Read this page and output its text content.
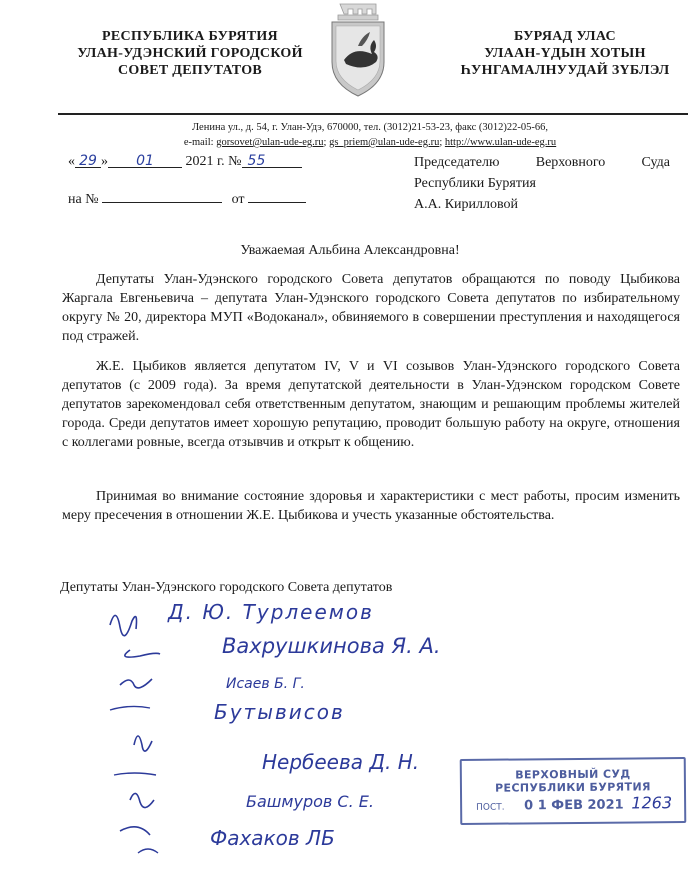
РЕСПУБЛИКА БУРЯТИЯ
УЛАН-УДЭНСКИЙ ГОРОДСКОЙ
СОВЕТ ДЕПУТАТОВ
БУРЯАД УЛАС
УЛААН-ҮДЫН ХОТЫН
ҺУНГАМАЛНУУДАЙ ЗҮБЛЭЛ
Ленина ул., д. 54, г. Улан-Удэ, 670000, тел. (3012)21-53-23, факс (3012)22-05-66,
e-mail: gorsovet@ulan-ude-eg.ru; gs_priem@ulan-ude-eg.ru; http://www.ulan-ude-eg.ru
« 29 » 01 2021 г. № 55
на №	от
Председателю Верховного Суда
Республики Бурятия
А.А. Кирилловой
Уважаемая Альбина Александровна!
Депутаты Улан-Удэнского городского Совета депутатов обращаются по поводу Цыбикова Жаргала Евгеньевича – депутата Улан-Удэнского городского Совета депутатов по избирательному округу № 20, директора МУП «Водоканал», обвиняемого в совершении преступления и находящегося под стражей.
Ж.Е. Цыбиков является депутатом IV, V и VI созывов Улан-Удэнского городского Совета депутатов (с 2009 года). За время депутатской деятельности в Улан-Удэнском городском Совете депутатов зарекомендовал себя ответственным депутатом, знающим и решающим проблемы жителей города. Среди депутатов имеет хорошую репутацию, проводит большую работу на округе, отношения с коллегами ровные, всегда отзывчив и открыт к общению.
Принимая во внимание состояние здоровья и характеристики с мест работы, просим изменить меру пресечения в отношении Ж.Е. Цыбикова и учесть указанные обстоятельства.
Депутаты Улан-Удэнского городского Совета депутатов
Д. Ю. Турлеемов
Вахрушкиновa Я. А.
Исаев Б. Г.
Бутывисов
Нербеева Д. Н.
Башмуров С. Е.
Фахаков ЛБ
ВЕРХОВНЫЙ СУД
РЕСПУБЛИКИ БУРЯТИЯ
ПОСТ. 0 1 ФЕВ 2021 1263
